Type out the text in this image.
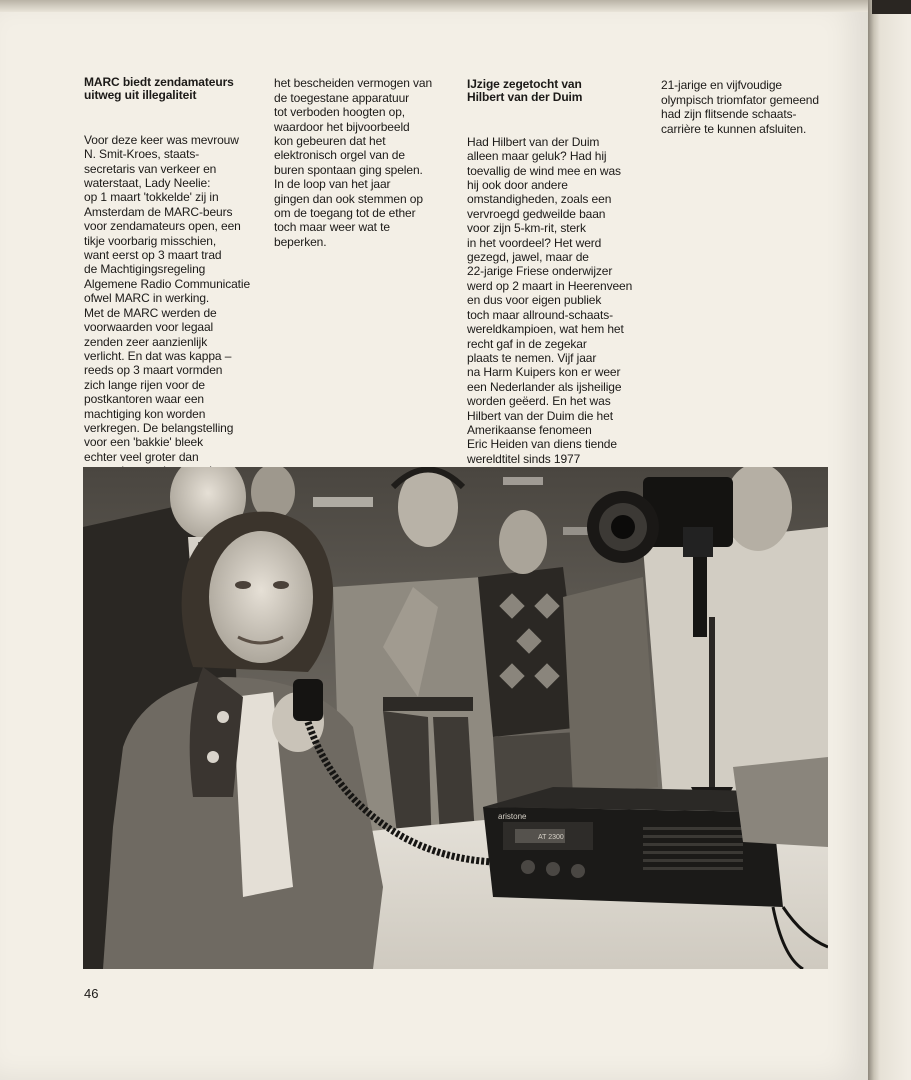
MARC biedt zendamateurs
uitweg uit illegaliteit

Voor deze keer was mevrouw
N. Smit-Kroes, staats-
secretaris van verkeer en
waterstaat, Lady Neelie:
op 1 maart 'tokkelde' zij in
Amsterdam de MARC-beurs
voor zendamateurs open, een
tikje voorbarig misschien,
want eerst op 3 maart trad
de Machtigingsregeling
Algemene Radio Communicatie
ofwel MARC in werking.
Met de MARC werden de
voorwaarden voor legaal
zenden zeer aanzienlijk
verlicht. En dat was kappa –
reeds op 3 maart vormden
zich lange rijen voor de
postkantoren waar een
machtiging kon worden
verkregen. De belangstelling
voor een 'bakkie' bleek
echter veel groter dan

het bescheiden vermogen van
de toegestane apparatuur
tot verboden hoogten op,
waardoor het bijvoorbeeld
kon gebeuren dat het
elektronisch orgel van de
buren spontaan ging spelen.
In de loop van het jaar
gingen dan ook stemmen op
om de toegang tot de ether
toch maar weer wat te
beperken.

IJzige zegetocht van
Hilbert van der Duim

Had Hilbert van der Duim
alleen maar geluk? Had hij
toevallig de wind mee en was
hij ook door andere
omstandigheden, zoals een
vervroegd gedweilde baan
voor zijn 5-km-rit, sterk
in het voordeel? Het werd
gezegd, jawel, maar de
22-jarige Friese onderwijzer
werd op 2 maart in Heerenveen
en dus voor eigen publiek
toch maar allround-schaats-
wereldkampioen, wat hem het
recht gaf in de zegekar
plaats te nemen. Vijf jaar
na Harm Kuipers kon er weer
een Nederlander als ijsheilige
worden geëerd. En het was
Hilbert van der Duim die het
Amerikaanse fenomeen
Eric Heiden van diens tiende
wereldtitel sinds 1977

21-jarige en vijfvoudige
olympisch triomfator gemeend
had zijn flitsende schaats-
carrière te kunnen afsluiten.

aristone
AT 2300
46
